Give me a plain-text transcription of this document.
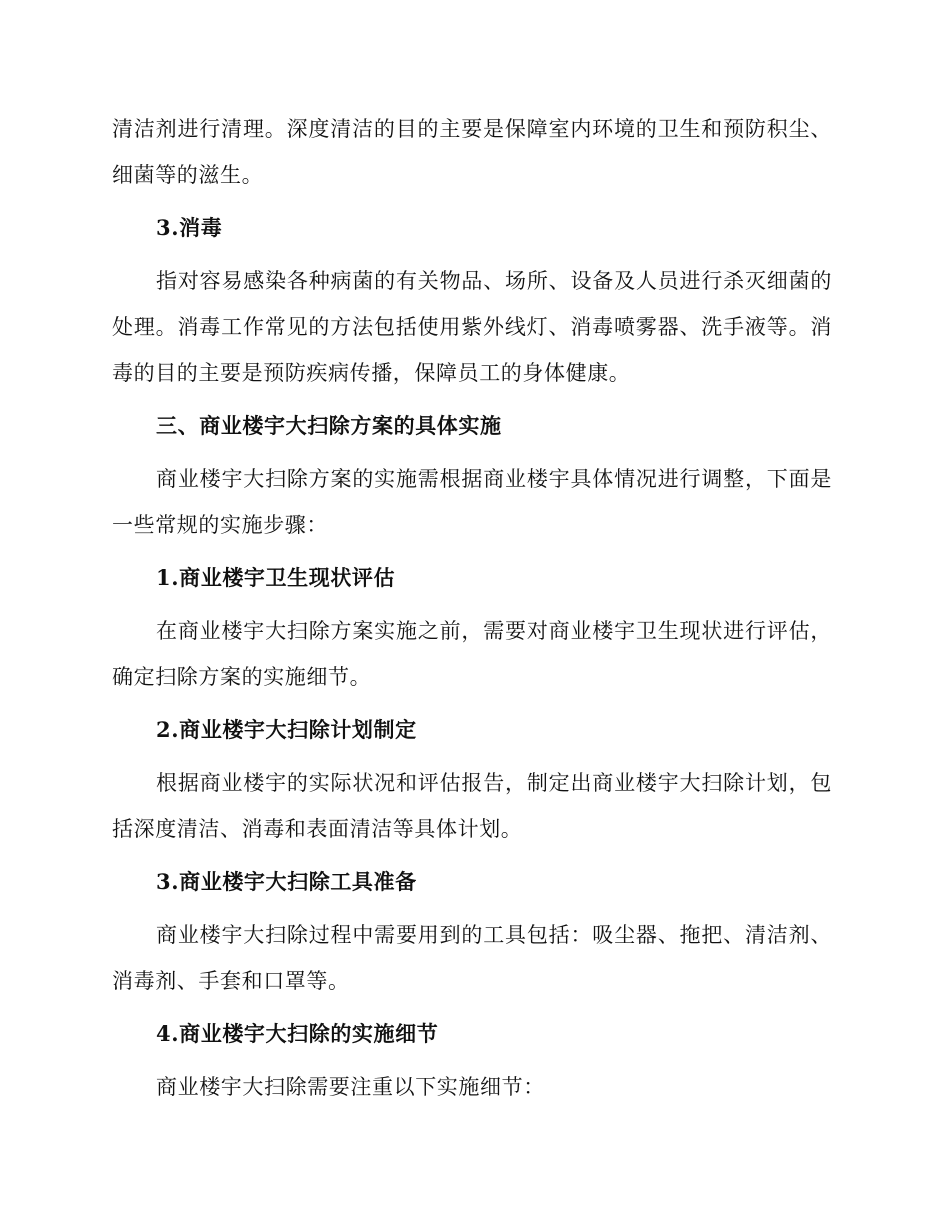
清洁剂进行清理。深度清洁的目的主要是保障室内环境的卫生和预防积尘、细菌等的滋生。

3.消毒

指对容易感染各种病菌的有关物品、场所、设备及人员进行杀灭细菌的处理。消毒工作常见的方法包括使用紫外线灯、消毒喷雾器、洗手液等。消毒的目的主要是预防疾病传播，保障员工的身体健康。

三、商业楼宇大扫除方案的具体实施

商业楼宇大扫除方案的实施需根据商业楼宇具体情况进行调整，下面是一些常规的实施步骤：

1.商业楼宇卫生现状评估

在商业楼宇大扫除方案实施之前，需要对商业楼宇卫生现状进行评估，确定扫除方案的实施细节。

2.商业楼宇大扫除计划制定

根据商业楼宇的实际状况和评估报告，制定出商业楼宇大扫除计划，包括深度清洁、消毒和表面清洁等具体计划。

3.商业楼宇大扫除工具准备

商业楼宇大扫除过程中需要用到的工具包括：吸尘器、拖把、清洁剂、消毒剂、手套和口罩等。

4.商业楼宇大扫除的实施细节

商业楼宇大扫除需要注重以下实施细节：
